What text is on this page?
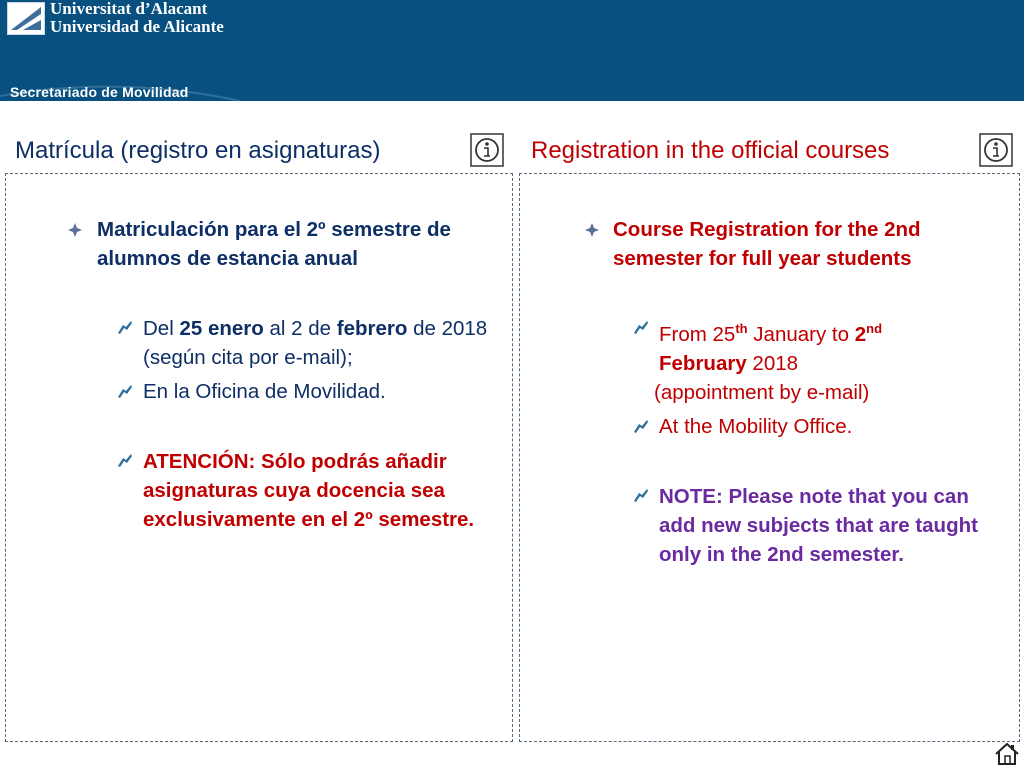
Universitat d’Alacant
Universidad de Alicante
Secretariado de Movilidad
Matrícula (registro en asignaturas)	Registration in the official courses
Matriculación para el 2º semestre de alumnos de estancia anual
Del 25 enero al 2 de febrero de 2018 (según cita por e-mail);
En la Oficina de Movilidad.
ATENCIÓN: Sólo podrás añadir asignaturas cuya docencia sea exclusivamente en el 2º semestre.
Course Registration for the 2nd semester for full year students
From 25th January to 2nd
February 2018
(appointment by e-mail)
At the Mobility Office.
NOTE: Please note that you can add new subjects that are taught only in the 2nd semester.
